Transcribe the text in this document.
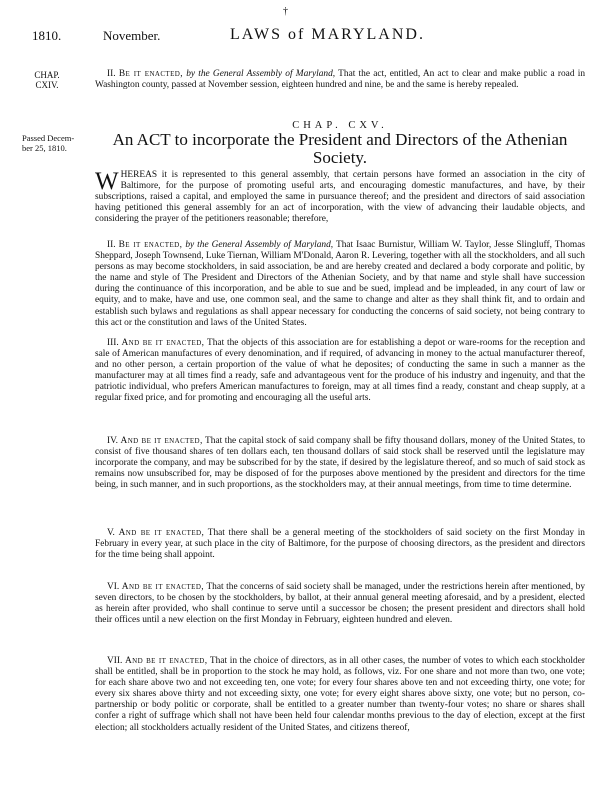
†
1810.	November.	LAWS of MARYLAND.
CHAP.
CXIV.

II. Be it enacted, by the General Assembly of Maryland, That the act, entitled, An act to clear and make public a road in Washington county, passed at November session, eighteen hundred and nine, be and the same is hereby repealed.

CHAP. CXV.
Passed Decem-
ber 25, 1810.	An ACT to incorporate the President and Directors of the Athenian Society.

WHEREAS it is represented to this general assembly, that certain persons have formed an association in the city of Baltimore, for the purpose of promoting useful arts, and encouraging domestic manufactures, and have, by their subscriptions, raised a capital, and employed the same in pursuance thereof; and the president and directors of said association having petitioned this general assembly for an act of incorporation, with the view of advancing their laudable objects, and considering the prayer of the petitioners reasonable; therefore,

II. Be it enacted, by the General Assembly of Maryland, That Isaac Burnistur, William W. Taylor, Jesse Slingluff, Thomas Sheppard, Joseph Townsend, Luke Tiernan, William M'Donald, Aaron R. Levering, together with all the stockholders, and all such persons as may become stockholders, in said association, be and are hereby created and declared a body corporate and politic, by the name and style of The President and Directors of the Athenian Society, and by that name and style shall have succession during the continuance of this incorporation, and be able to sue and be sued, implead and be impleaded, in any court of law or equity, and to make, have and use, one common seal, and the same to change and alter as they shall think fit, and to ordain and establish such bylaws and regulations as shall appear necessary for conducting the concerns of said society, not being contrary to this act or the constitution and laws of the United States.

III. And be it enacted, That the objects of this association are for establishing a depot or ware-rooms for the reception and sale of American manufactures of every denomination, and if required, of advancing in money to the actual manufacturer thereof, and no other person, a certain proportion of the value of what he deposites; of conducting the same in such a manner as the manufacturer may at all times find a ready, safe and advantageous vent for the produce of his industry and ingenuity, and that the patriotic individual, who prefers American manufactures to foreign, may at all times find a ready, constant and cheap supply, at a regular fixed price, and for promoting and encouraging all the useful arts.

IV. And be it enacted, That the capital stock of said company shall be fifty thousand dollars, money of the United States, to consist of five thousand shares of ten dollars each, ten thousand dollars of said stock shall be reserved until the legislature may incorporate the company, and may be subscribed for by the state, if desired by the legislature thereof, and so much of said stock as remains now unsubscribed for, may be disposed of for the purposes above mentioned by the president and directors for the time being, in such manner, and in such proportions, as the stockholders may, at their annual meetings, from time to time determine.

V. And be it enacted, That there shall be a general meeting of the stockholders of said society on the first Monday in February in every year, at such place in the city of Baltimore, for the purpose of choosing directors, as the president and directors for the time being shall appoint.

VI. And be it enacted, That the concerns of said society shall be managed, under the restrictions herein after mentioned, by seven directors, to be chosen by the stockholders, by ballot, at their annual general meeting aforesaid, and by a president, elected as herein after provided, who shall continue to serve until a successor be chosen; the present president and directors shall hold their offices until a new election on the first Monday in February, eighteen hundred and eleven.

VII. And be it enacted, That in the choice of directors, as in all other cases, the number of votes to which each stockholder shall be entitled, shall be in proportion to the stock he may hold, as follows, viz. For one share and not more than two, one vote; for each share above two and not exceeding ten, one vote; for every four shares above ten and not exceeding thirty, one vote; for every six shares above thirty and not exceeding sixty, one vote; for every eight shares above sixty, one vote; but no person, co-partnership or body politic or corporate, shall be entitled to a greater number than twenty-four votes; no share or shares shall confer a right of suffrage which shall not have been held four calendar months previous to the day of election, except at the first election; all stockholders actually resident of the United States, and citizens thereof,
